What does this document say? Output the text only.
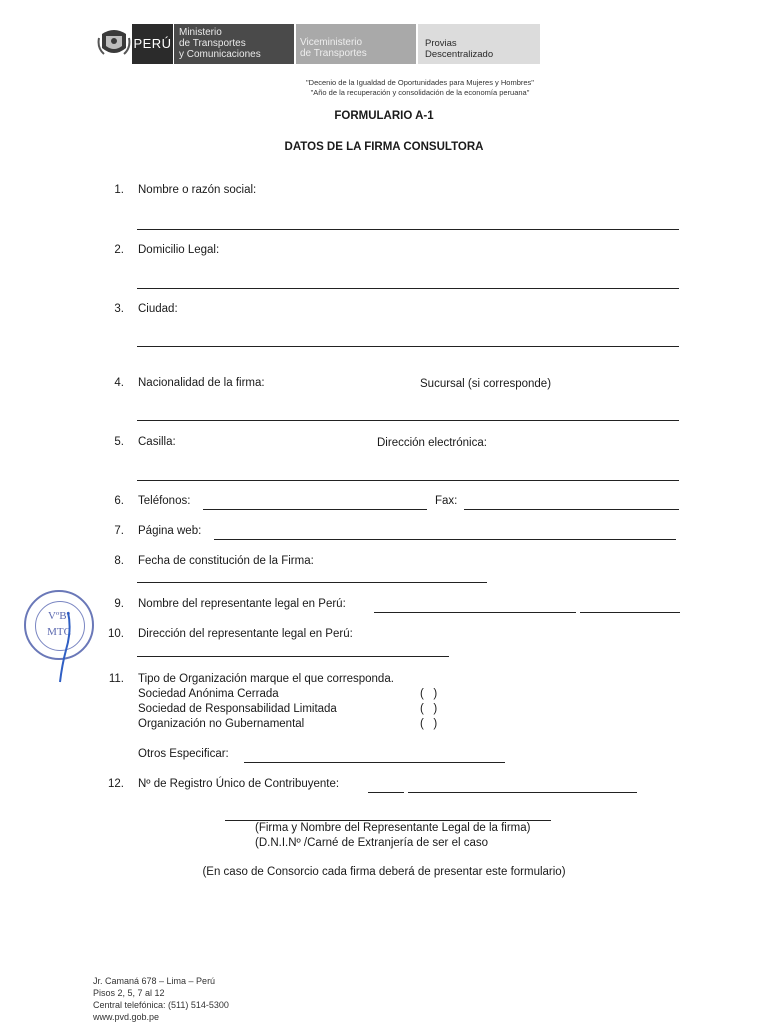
PERÚ
Ministerio
de Transportes
y Comunicaciones
Viceministerio
de Transportes
Provias
Descentralizado
"Decenio de la Igualdad de Oportunidades para Mujeres y Hombres"
"Año de la recuperación y consolidación de la economía peruana"
FORMULARIO A-1
DATOS DE LA FIRMA CONSULTORA
1. Nombre o razón social:
2. Domicilio Legal:
3. Ciudad:
4. Nacionalidad de la firma:	Sucursal (si corresponde)
5. Casilla:	Dirección electrónica:
6. Teléfonos:	Fax:
7. Página web:
8. Fecha de constitución de la Firma:
9. Nombre del representante legal en Perú:
10. Dirección del representante legal en Perú:
VºBº
MTC
11. Tipo de Organización marque el que corresponda.
Sociedad Anónima Cerrada	(   )
Sociedad de Responsabilidad Limitada	(   )
Organización no Gubernamental	(   )
Otros Especificar:
12. Nº de Registro Único de Contribuyente:
(Firma y Nombre del Representante Legal de la firma)
(D.N.I.Nº /Carné de Extranjería de ser el caso
(En caso de Consorcio cada firma deberá de presentar este formulario)
Jr. Camaná 678 – Lima – Perú
Pisos 2, 5, 7 al 12
Central telefónica: (511) 514-5300
www.pvd.gob.pe
